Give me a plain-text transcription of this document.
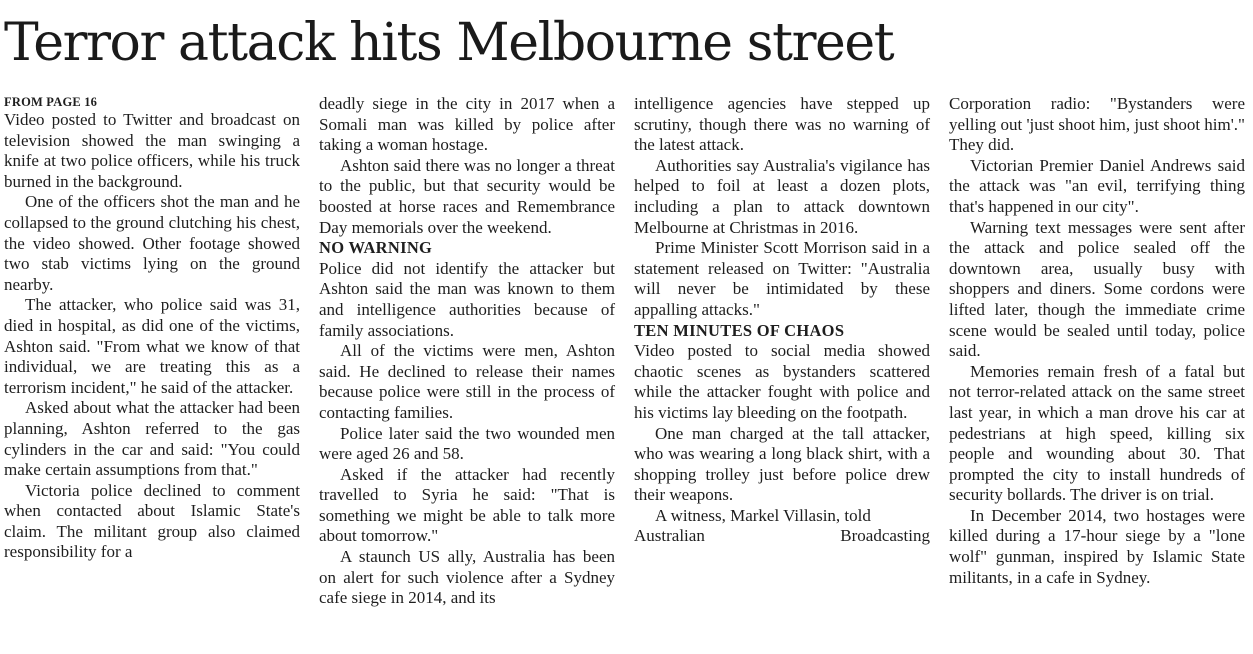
Terror attack hits Melbourne street
FROM PAGE 16

Video posted to Twitter and broadcast on television showed the man swinging a knife at two police officers, while his truck burned in the background.

One of the officers shot the man and he collapsed to the ground clutching his chest, the video showed. Other footage showed two stab victims lying on the ground nearby.

The attacker, who police said was 31, died in hospital, as did one of the victims, Ashton said. "From what we know of that individual, we are treating this as a terrorism incident," he said of the attacker.

Asked about what the attacker had been planning, Ashton referred to the gas cylinders in the car and said: "You could make certain assumptions from that."

Victoria police declined to comment when contacted about Islamic State's claim. The militant group also claimed responsibility for a

deadly siege in the city in 2017 when a Somali man was killed by police after taking a woman hostage.

Ashton said there was no longer a threat to the public, but that security would be boosted at horse races and Remembrance Day memorials over the weekend.

NO WARNING

Police did not identify the attacker but Ashton said the man was known to them and intelligence authorities because of family associations.

All of the victims were men, Ashton said. He declined to release their names because police were still in the process of contacting families.

Police later said the two wounded men were aged 26 and 58.

Asked if the attacker had recently travelled to Syria he said: "That is something we might be able to talk more about tomorrow."

A staunch US ally, Australia has been on alert for such violence after a Sydney cafe siege in 2014, and its

intelligence agencies have stepped up scrutiny, though there was no warning of the latest attack.

Authorities say Australia's vigilance has helped to foil at least a dozen plots, including a plan to attack downtown Melbourne at Christmas in 2016.

Prime Minister Scott Morrison said in a statement released on Twitter: "Australia will never be intimidated by these appalling attacks."

TEN MINUTES OF CHAOS

Video posted to social media showed chaotic scenes as bystanders scattered while the attacker fought with police and his victims lay bleeding on the footpath.

One man charged at the tall attacker, who was wearing a long black shirt, with a shopping trolley just before police drew their weapons.

A witness, Markel Villasin, told

Australian Broadcasting

Corporation radio: "Bystanders were yelling out 'just shoot him, just shoot him'." They did.

Victorian Premier Daniel Andrews said the attack was "an evil, terrifying thing that's happened in our city".

Warning text messages were sent after the attack and police sealed off the downtown area, usually busy with shoppers and diners. Some cordons were lifted later, though the immediate crime scene would be sealed until today, police said.

Memories remain fresh of a fatal but not terror-related attack on the same street last year, in which a man drove his car at pedestrians at high speed, killing six people and wounding about 30. That prompted the city to install hundreds of security bollards. The driver is on trial.

In December 2014, two hostages were killed during a 17-hour siege by a "lone wolf" gunman, inspired by Islamic State militants, in a cafe in Sydney.
